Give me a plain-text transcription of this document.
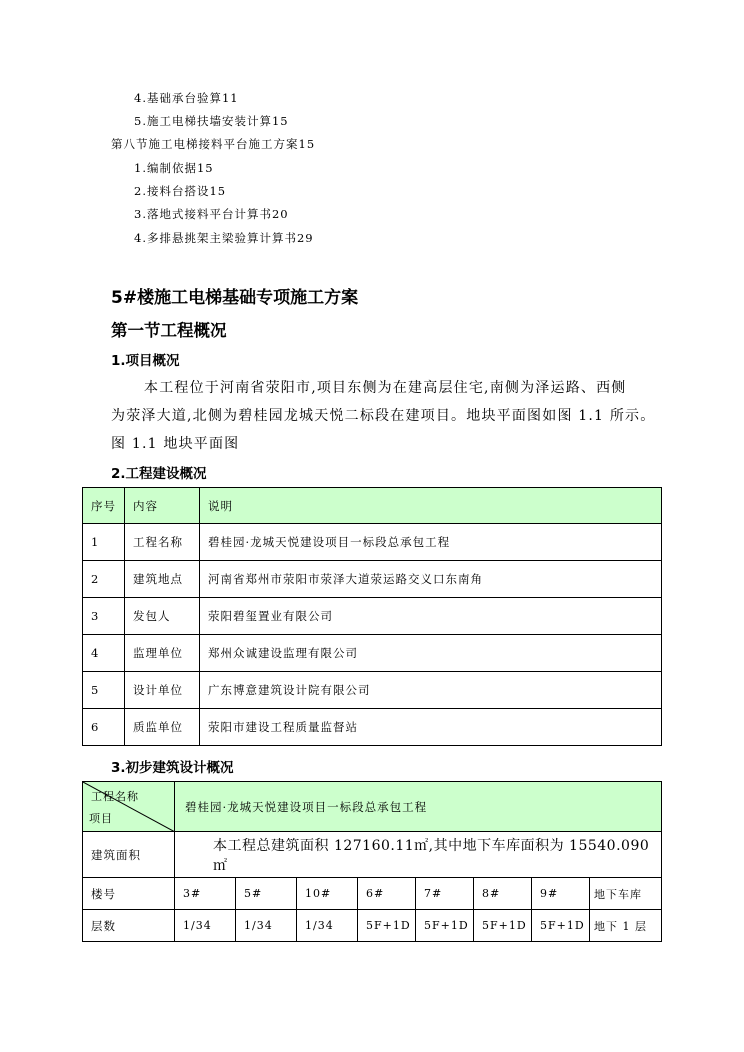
4.基础承台验算11
5.施工电梯扶墙安装计算15
第八节施工电梯接料平台施工方案15
1.编制依据15
2.接料台搭设15
3.落地式接料平台计算书20
4.多排悬挑架主梁验算计算书29
5#楼施工电梯基础专项施工方案
第一节工程概况
1.项目概况
本工程位于河南省荥阳市,项目东侧为在建高层住宅,南侧为泽运路、西侧
为荥泽大道,北侧为碧桂园龙城天悦二标段在建项目。地块平面图如图 1.1 所示。
图 1.1 地块平面图
2.工程建设概况
序号	内容	说明
1	工程名称	碧桂园·龙城天悦建设项目一标段总承包工程
2	建筑地点	河南省郑州市荥阳市荥泽大道荥运路交义口东南角
3	发包人	荥阳碧玺置业有限公司
4	监理单位	郑州众诚建设监理有限公司
5	设计单位	广东博意建筑设计院有限公司
6	质监单位	荥阳市建设工程质量监督站
3.初步建筑设计概况
工程名称
项目	碧桂园·龙城天悦建设项目一标段总承包工程							
建筑面积	本工程总建筑面积 127160.11㎡,其中地下车库面积为 15540.090㎡							
楼号	3#	5#	10#	6#	7#	8#	9#	地下车库
层数	1/34	1/34	1/34	5F+1D	5F+1D	5F+1D	5F+1D	地下 1 层
